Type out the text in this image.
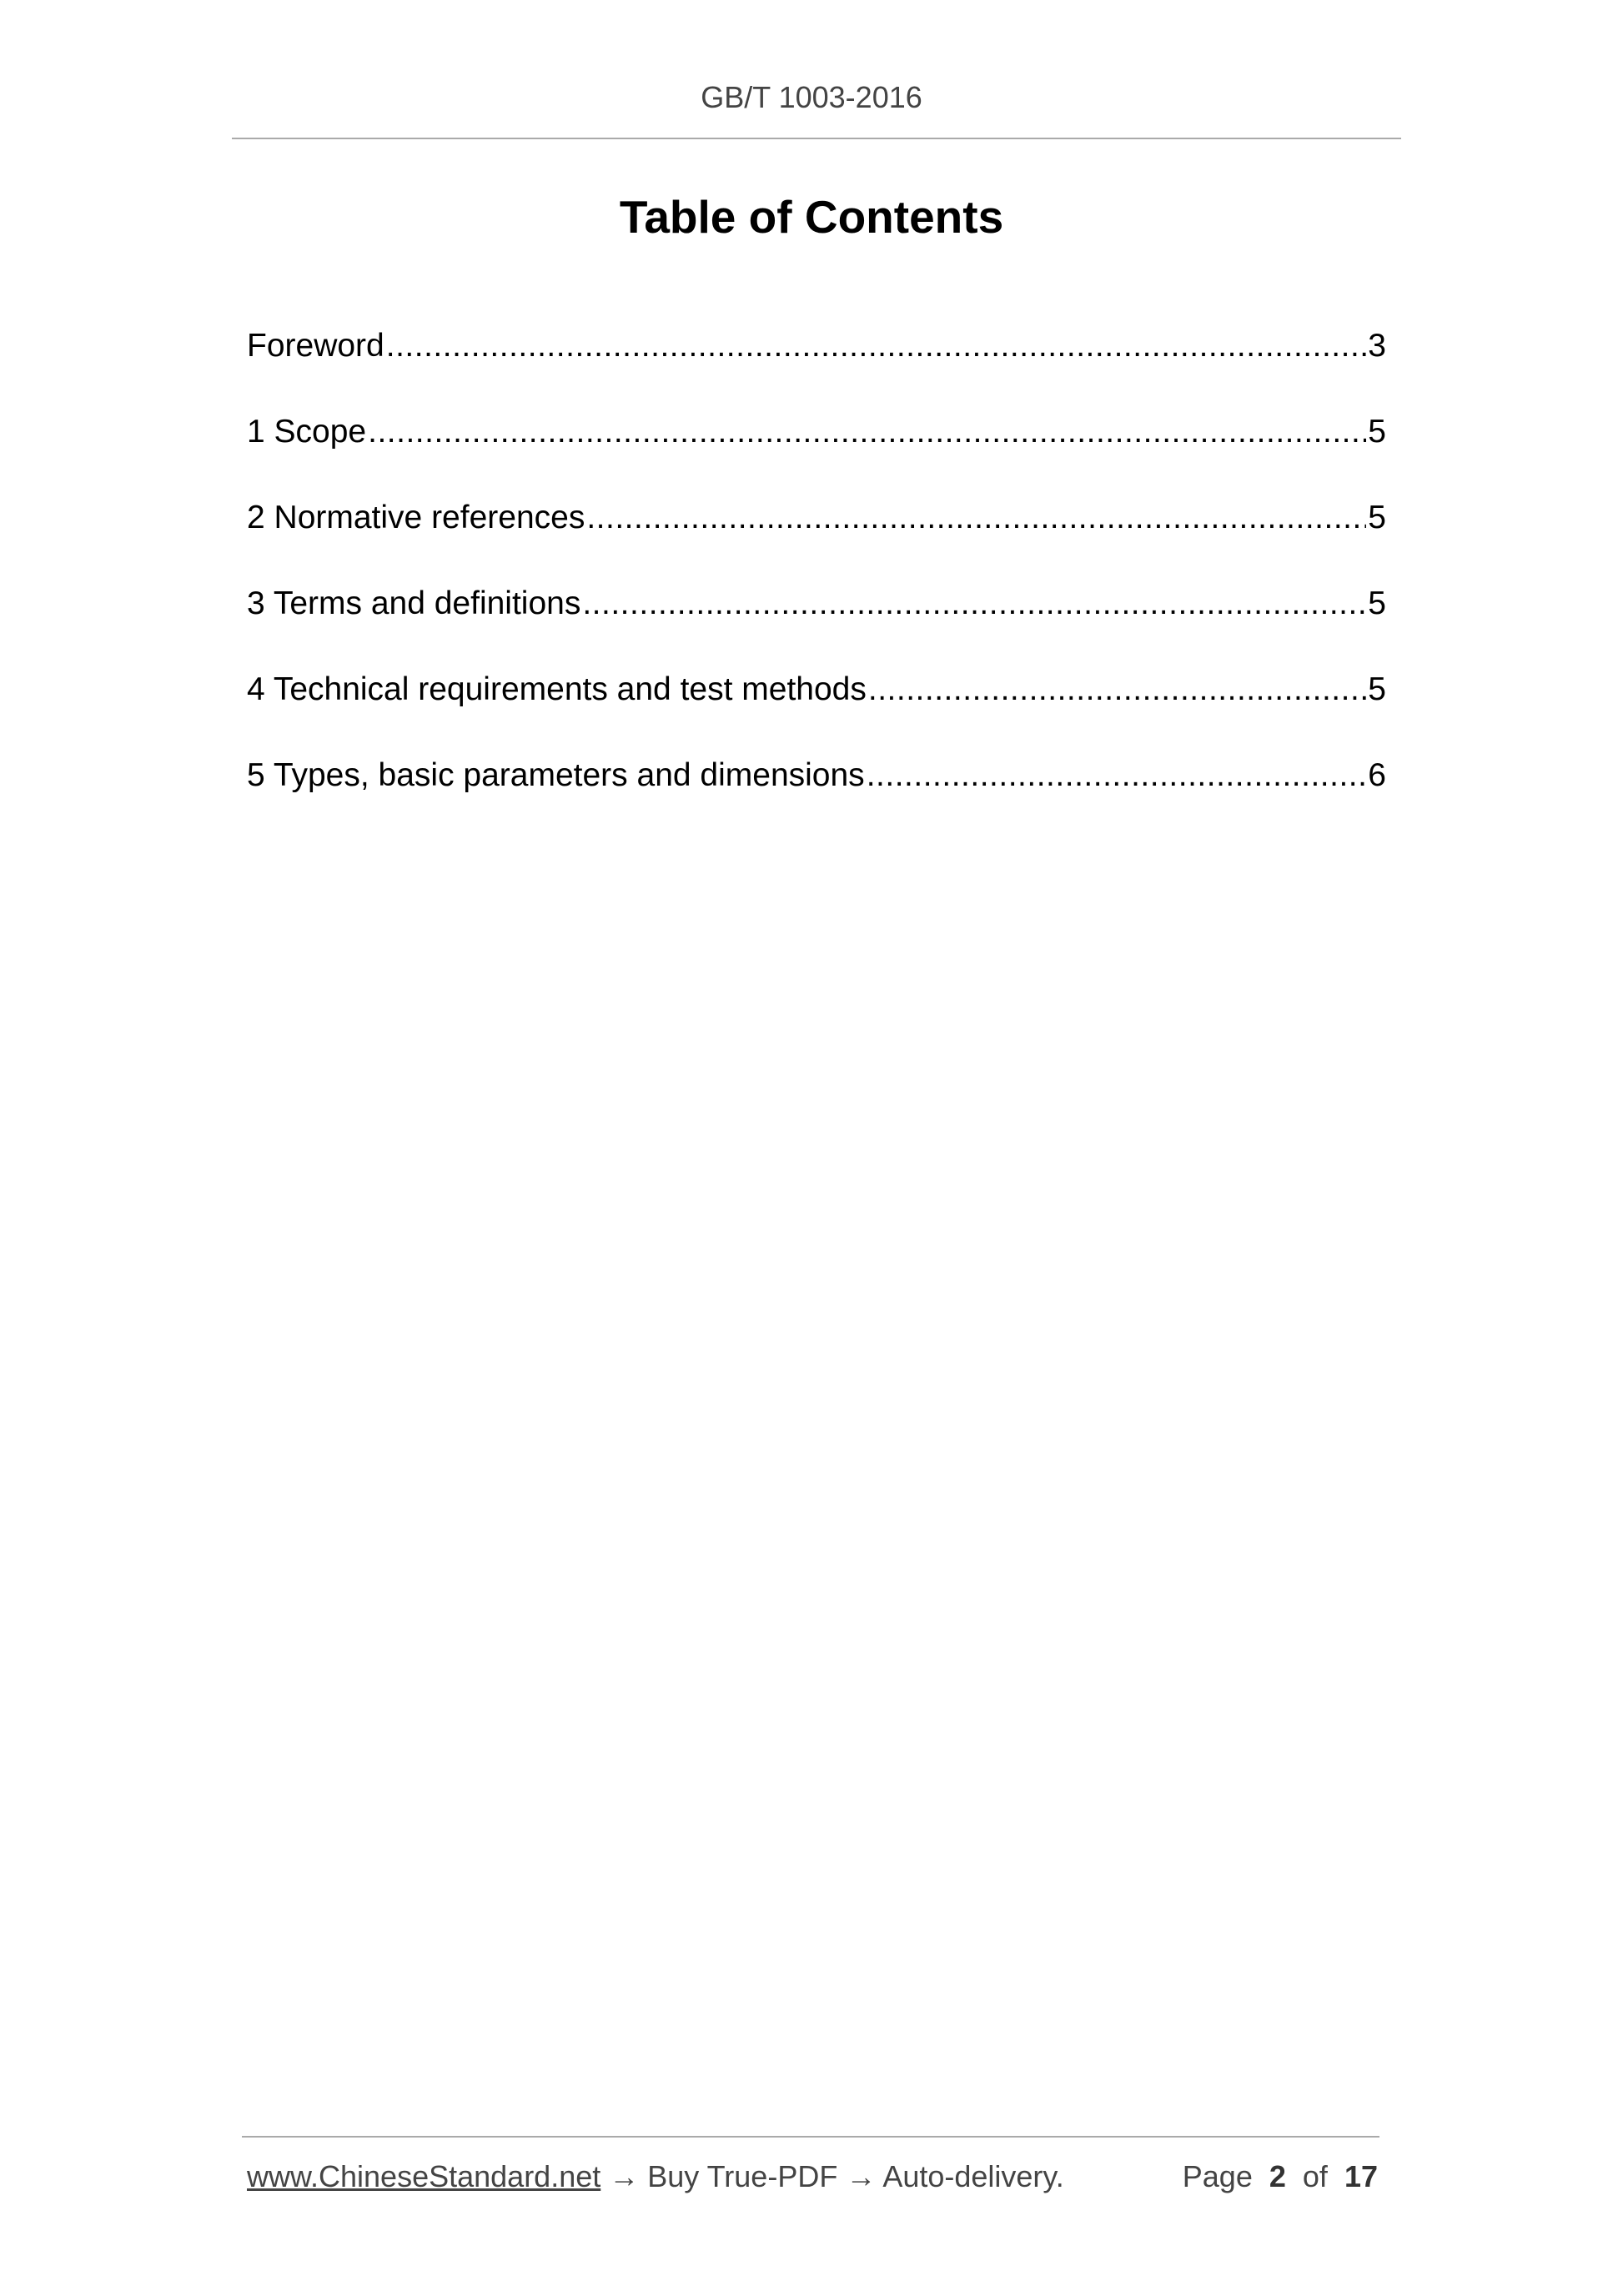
GB/T 1003-2016
Table of Contents
Foreword .....	3
1 Scope .....	5
2 Normative references .....	5
3 Terms and definitions .....	5
4 Technical requirements and test methods .....	5
5 Types, basic parameters and dimensions .....	6
www.ChineseStandard.net → Buy True-PDF → Auto-delivery.	Page 2 of 17
